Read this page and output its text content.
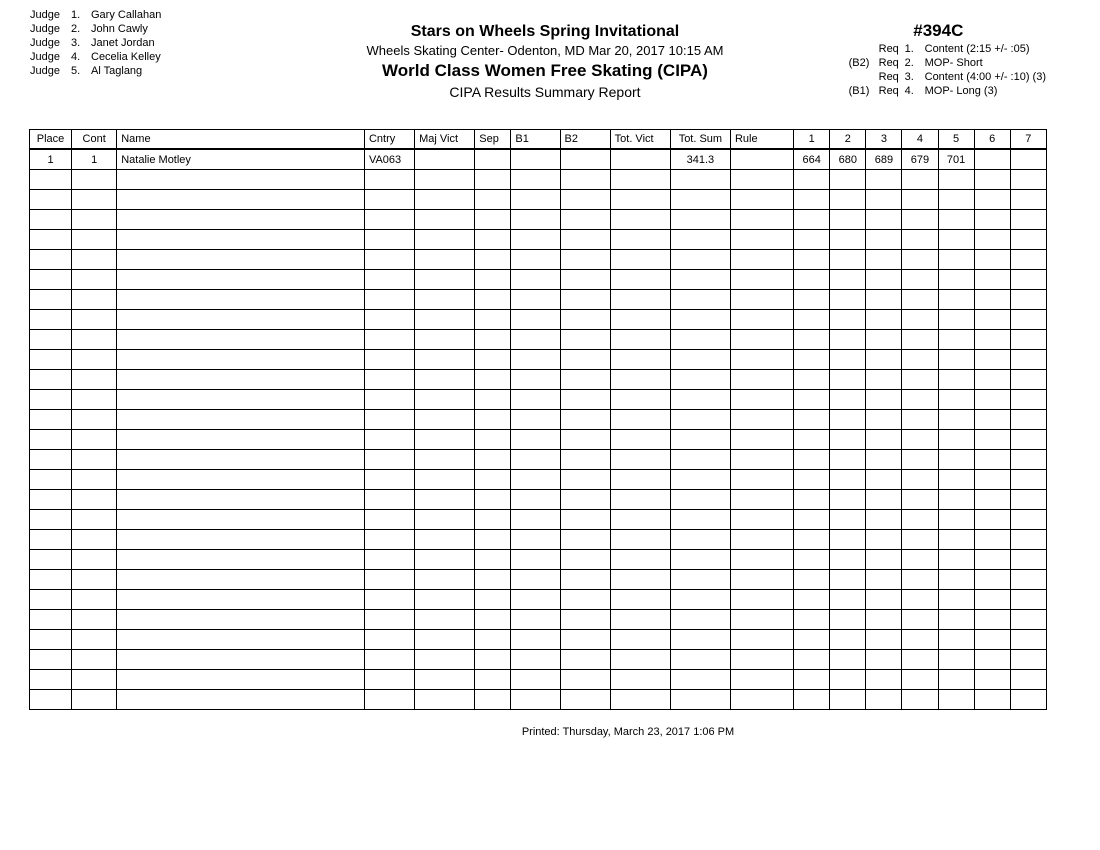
Judge 1. Gary Callahan
Judge 2. John Cawly
Judge 3. Janet Jordan
Judge 4. Cecelia Kelley
Judge 5. Al Taglang
Stars on Wheels Spring Invitational
Wheels Skating Center- Odenton, MD Mar 20, 2017 10:15 AM
World Class Women Free Skating (CIPA)
CIPA Results Summary Report
#394C
Req 1. Content (2:15 +/- :05)
(B2) Req 2. MOP- Short
Req 3. Content (4:00 +/- :10) (3)
(B1) Req 4. MOP- Long (3)
Place	Cont	Name	Cntry	Maj Vict	Sep	B1	B2	Tot. Vict	Tot. Sum	Rule	1	2	3	4	5	6	7
1	1	Natalie Motley	VA063						341.3		664	680	689	679	701		

Printed: Thursday, March 23, 2017 1:06 PM
